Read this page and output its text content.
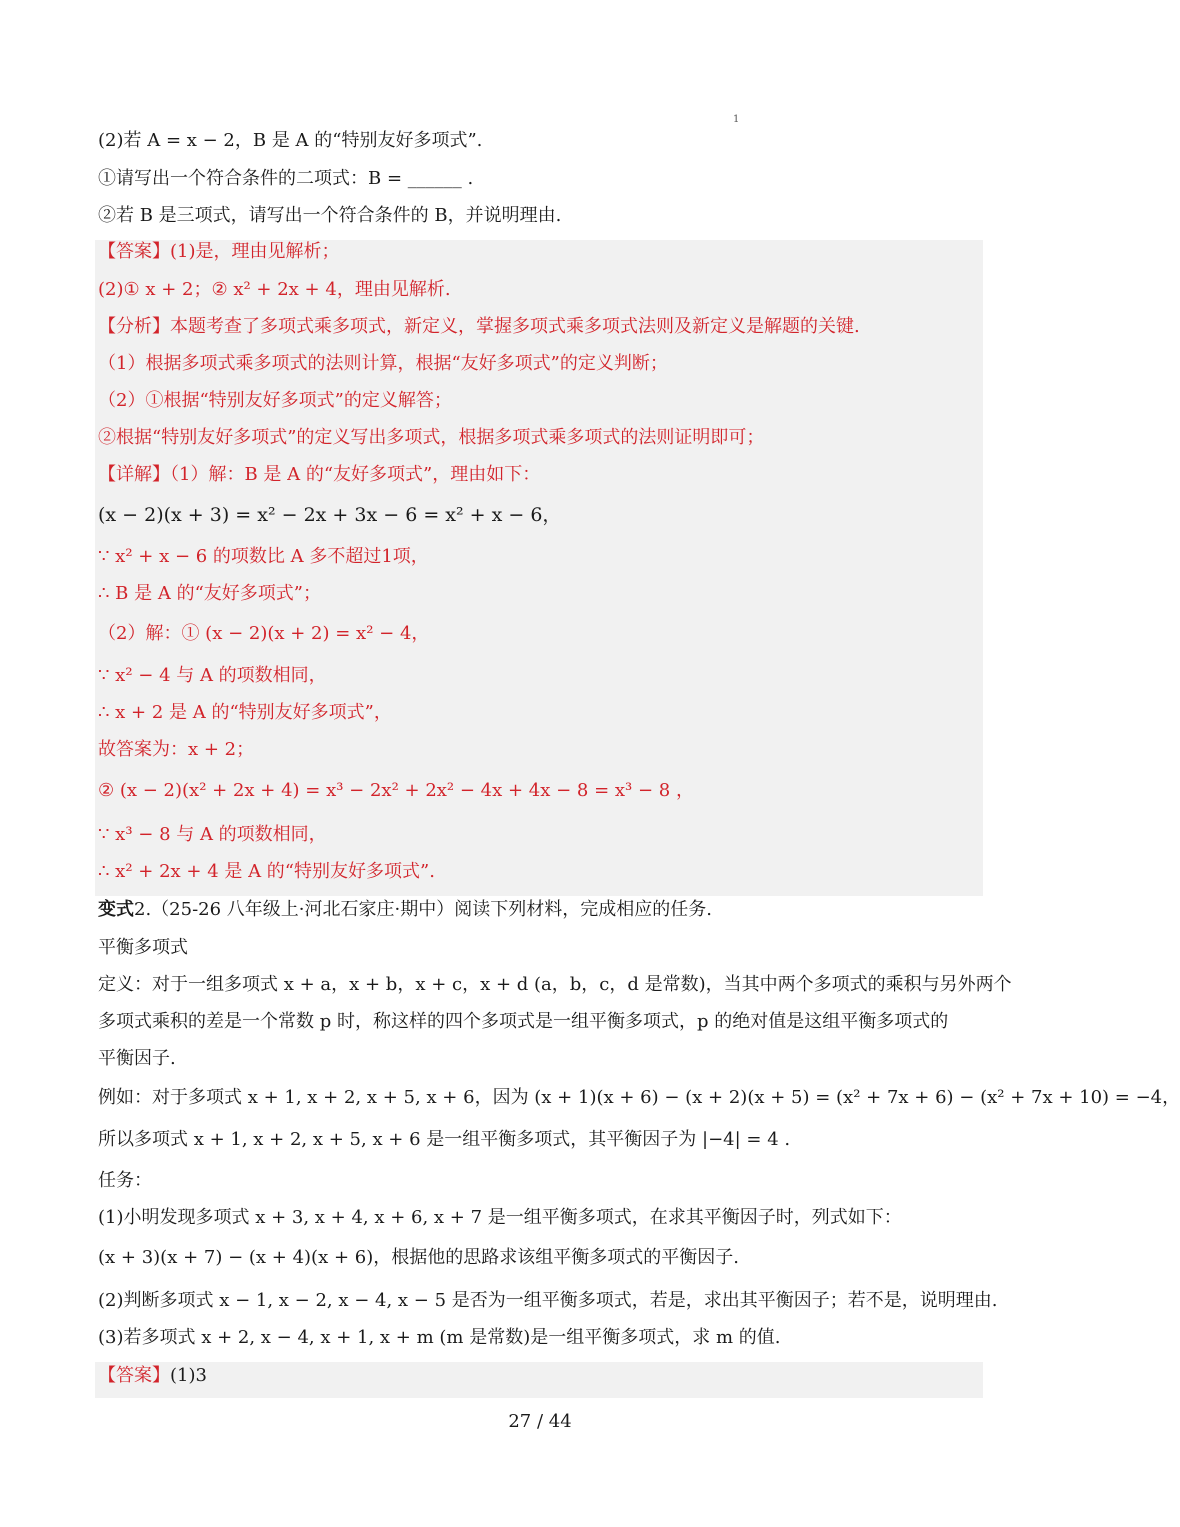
1
(2)若 A = x − 2，B 是 A 的“特别友好多项式”.
①请写出一个符合条件的二项式：B = ______ .
②若 B 是三项式，请写出一个符合条件的 B，并说明理由.
【答案】(1)是，理由见解析；
(2)① x + 2；② x² + 2x + 4，理由见解析.
【分析】本题考查了多项式乘多项式，新定义，掌握多项式乘多项式法则及新定义是解题的关键.
（1）根据多项式乘多项式的法则计算，根据“友好多项式”的定义判断；
（2）①根据“特别友好多项式”的定义解答；
②根据“特别友好多项式”的定义写出多项式，根据多项式乘多项式的法则证明即可；
【详解】（1）解：B 是 A 的“友好多项式”，理由如下：
(x − 2)(x + 3) = x² − 2x + 3x − 6 = x² + x − 6，
∵ x² + x − 6 的项数比 A 多不超过1项，
∴ B 是 A 的“友好多项式”；
（2）解：① (x − 2)(x + 2) = x² − 4，
∵ x² − 4 与 A 的项数相同，
∴ x + 2 是 A 的“特别友好多项式”，
故答案为：x + 2；
② (x − 2)(x² + 2x + 4) = x³ − 2x² + 2x² − 4x + 4x − 8 = x³ − 8 ，
∵ x³ − 8 与 A 的项数相同，
∴ x² + 2x + 4 是 A 的“特别友好多项式”.
变式2.（25-26 八年级上·河北石家庄·期中）阅读下列材料，完成相应的任务.
平衡多项式
定义：对于一组多项式 x + a，x + b，x + c，x + d (a，b，c，d 是常数)，当其中两个多项式的乘积与另外两个
多项式乘积的差是一个常数 p 时，称这样的四个多项式是一组平衡多项式，p 的绝对值是这组平衡多项式的
平衡因子.
例如：对于多项式 x + 1, x + 2, x + 5, x + 6，因为 (x + 1)(x + 6) − (x + 2)(x + 5) = (x² + 7x + 6) − (x² + 7x + 10) = −4，
所以多项式 x + 1, x + 2, x + 5, x + 6 是一组平衡多项式，其平衡因子为 |−4| = 4 .
任务：
(1)小明发现多项式 x + 3, x + 4, x + 6, x + 7 是一组平衡多项式，在求其平衡因子时，列式如下：
(x + 3)(x + 7) − (x + 4)(x + 6)，根据他的思路求该组平衡多项式的平衡因子.
(2)判断多项式 x − 1, x − 2, x − 4, x − 5 是否为一组平衡多项式，若是，求出其平衡因子；若不是，说明理由.
(3)若多项式 x + 2, x − 4, x + 1, x + m (m 是常数)是一组平衡多项式，求 m 的值.
【答案】(1)3
27 / 44
